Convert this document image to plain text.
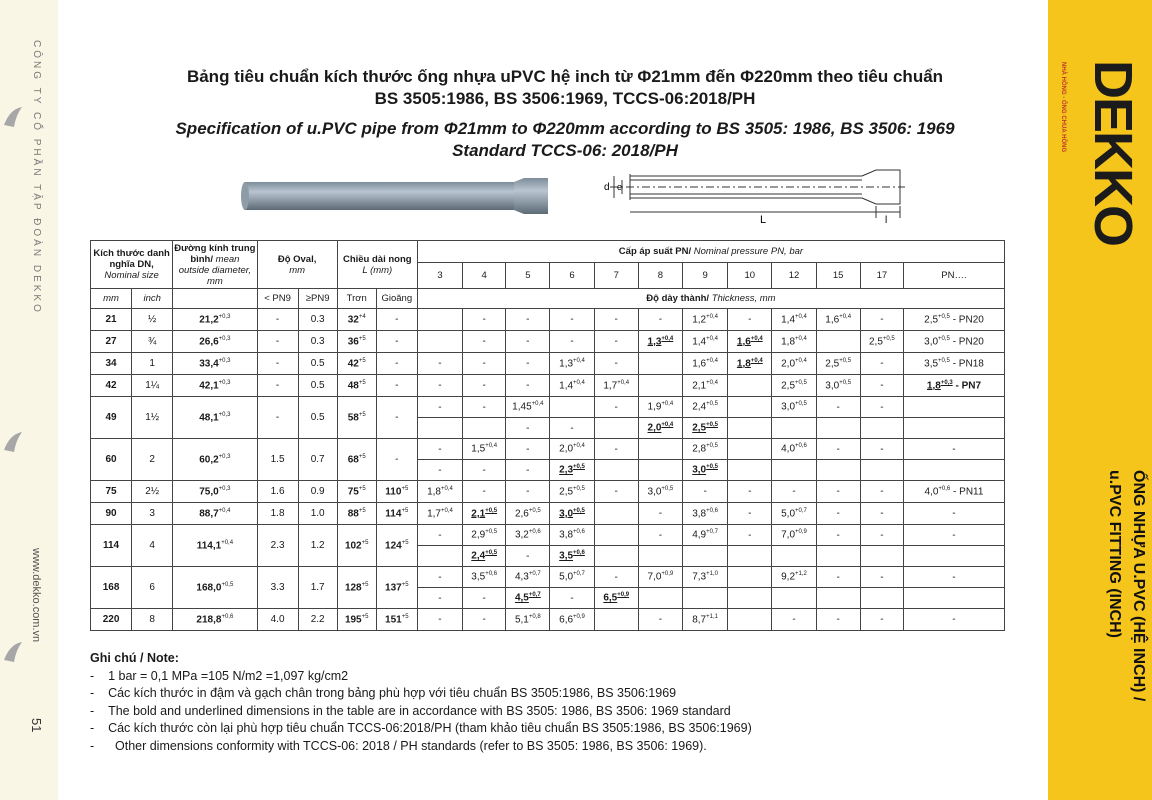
CÔNG TY CỔ PHẦN TẬP ĐOÀN DEKKO
www.dekko.com.vn
51
NHÀ HỒNG - ỐNG CHUA HỒNG DEKKO
ỐNG NHỰA U.PVC (HỆ INCH) /
u.PVC FITTING (INCH)
Bảng tiêu chuẩn kích thước ống nhựa uPVC hệ inch từ Φ21mm đến Φ220mm theo tiêu chuẩn
BS 3505:1986, BS 3506:1969, TCCS-06:2018/PH
Specification of u.PVC pipe from Φ21mm to Φ220mm according to BS 3505: 1986, BS 3506: 1969
Standard TCCS-06: 2018/PH
d e
L	l
Kích thước danh nghĩa DN,
Nominal size		Đường kính trung bình/ mean outside diameter, mm	Độ Oval,
mm		Chiều dài nong
L (mm)		Cấp áp suất PN/ Nominal pressure PN, bar											
							3	4	5	6	7	8	9	10	12	15	17	PN….
mm	inch		< PN9	≥PN9	Trơn	Gioăng	Độ dày thành/ Thickness, mm											
21	½	$21,2^{+0,3}$	-	0.3	$32^{+4}$	-		-	-	-	-	-	$1,2^{+0,4}$	-	$1,4^{+0,4}$	$1,6^{+0,4}$	-	$2,5^{+0,5} - PN20$
27	¾	$26,6^{+0,3}$	-	0.3	$36^{+5}$	-		-	-	-	-	$1,3^{+0,4}$	$1,4^{+0,4}$	$1,6^{+0,4}$	$1,8^{+0,4}$		$2,5^{+0,5}$	$3,0^{+0,5} - PN20$
34	1	$33,4^{+0,3}$	-	0.5	$42^{+5}$	-	-	-	-	$1,3^{+0,4}$	-		$1,6^{+0,4}$	$1,8^{+0,4}$	$2,0^{+0,4}$	$2,5^{+0,5}$	-	$3,5^{+0,5} - PN18$
42	1¼	$42,1^{+0,3}$	-	0.5	$48^{+5}$	-	-	-	-	$1,4^{+0,4}$	$1,7^{+0,4}$		$2,1^{+0,4}$		$2,5^{+0,5}$	$3,0^{+0,5}$	-	$1,8^{+0,3} - PN7$
49	1½	$48,1^{+0,3}$	-	0.5	$58^{+5}$	-	-	-	$1,45^{+0,4}$		-	$1,9^{+0,4}$	$2,4^{+0,5}$		$3,0^{+0,5}$	-	-	
									-	-		$2,0^{+0,4}$	$2,5^{+0,5}$					
60	2	$60,2^{+0,3}$	1.5	0.7	$68^{+5}$	-	-	$1,5^{+0,4}$	-	$2,0^{+0,4}$	-		$2,8^{+0,5}$		$4,0^{+0,6}$	-	-	-
							-	-	-	$2,3^{+0,5}$			$3,0^{+0,5}$					
75	2½	$75,0^{+0,3}$	1.6	0.9	$75^{+5}$	$110^{+5}$	$1,8^{+0,4}$	-	-	$2,5^{+0,5}$	-	$3,0^{+0,5}$	-	-	-	-	-	$4,0^{+0,6} - PN11$
90	3	$88,7^{+0,4}$	1.8	1.0	$88^{+5}$	$114^{+5}$	$1,7^{+0,4}$	$2,1^{+0,5}$	$2,6^{+0,5}$	$3,0^{+0,5}$		-	$3,8^{+0,6}$	-	$5,0^{+0,7}$	-	-	-
114	4	$114,1^{+0,4}$	2.3	1.2	$102^{+5}$	$124^{+5}$	-	$2,9^{+0,5}$	$3,2^{+0,6}$	$3,8^{+0,6}$		-	$4,9^{+0,7}$	-	$7,0^{+0,9}$	-	-	-
								$2,4^{+0,5}$	-	$3,5^{+0,6}$								
168	6	$168,0^{+0,5}$	3.3	1.7	$128^{+5}$	$137^{+5}$	-	$3,5^{+0,6}$	$4,3^{+0,7}$	$5,0^{+0,7}$	-	$7,0^{+0,9}$	$7,3^{+1,0}$		$9,2^{+1,2}$	-	-	-
							-	-	$4,5^{+0,7}$	-	$6,5^{+0,9}$							
220	8	$218,8^{+0,6}$	4.0	2.2	$195^{+5}$	$151^{+5}$	-	-	$5,1^{+0,8}$	$6,6^{+0,9}$		-	$8,7^{+1,1}$		-	-	-	-
Ghi chú / Note:
-    1 bar = 0,1 MPa =105 N/m2 =1,097 kg/cm2
-    Các kích thước in đậm và gạch chân trong bảng phù hợp với tiêu chuẩn BS 3505:1986, BS 3506:1969
-    The bold and underlined dimensions in the table are in accordance with BS 3505: 1986, BS 3506: 1969 standard
-    Các kích thước còn lại phù hợp tiêu chuẩn TCCS-06:2018/PH (tham khảo tiêu chuẩn BS 3505:1986, BS 3506:1969)
-      Other dimensions conformity with TCCS-06: 2018 / PH standards (refer to BS 3505: 1986, BS 3506: 1969).
